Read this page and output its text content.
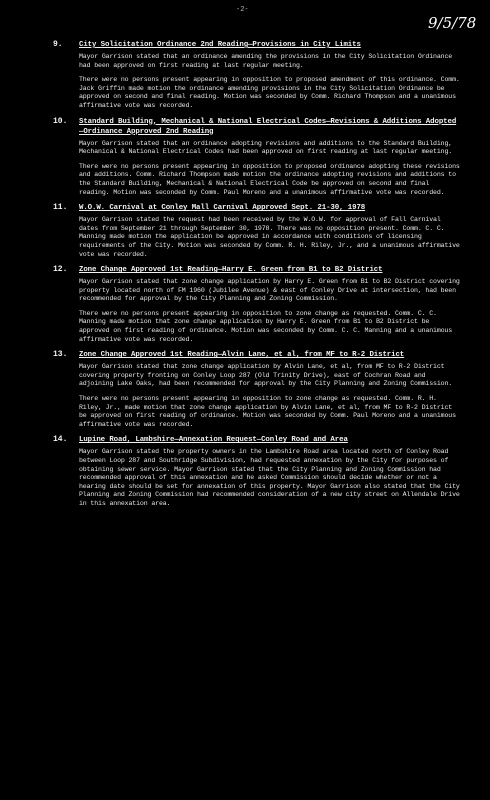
-2-
9/5/78
9. City Solicitation Ordinance 2nd Reading—Provisions in City Limits

Mayor Garrison stated that an ordinance amending the provisions in the City Solicitation Ordinance had been approved on first reading at last regular meeting.

There were no persons present appearing in opposition to proposed amendment of this ordinance. Comm. Jack Griffin made motion the ordinance amending provisions in the City Solicitation Ordinance be approved on second and final reading. Motion was seconded by Comm. Richard Thompson and a unanimous affirmative vote was recorded.

10. Standard Building, Mechanical & National Electrical Codes—Revisions & Additions Adopted—Ordinance Approved 2nd Reading

Mayor Garrison stated that an ordinance adopting revisions and additions to the Standard Building, Mechanical & National Electrical Codes had been approved on first reading at last regular meeting.

There were no persons present appearing in opposition to proposed ordinance adopting these revisions and additions. Comm. Richard Thompson made motion the ordinance adopting revisions and additions to the Standard Building, Mechanical & National Electrical Code be approved on second and final reading. Motion was seconded by Comm. Paul Moreno and a unanimous affirmative vote was recorded.

11. W.O.W. Carnival at Conley Mall Carnival Approved Sept. 21-30, 1978

Mayor Garrison stated the request had been received by the W.O.W. for approval of Fall Carnival dates from September 21 through September 30, 1978. There was no opposition present. Comm. C. C. Manning made motion the application be approved in accordance with conditions of licensing requirements of the City. Motion was seconded by Comm. R. H. Riley, Jr., and a unanimous affirmative vote was recorded.

12. Zone Change Approved 1st Reading—Harry E. Green from B1 to B2 District

Mayor Garrison stated that zone change application by Harry E. Green from B1 to B2 District covering property located north of FM 1960 (Jubilee Avenue) & east of Conley Drive at intersection, had been recommended for approval by the City Planning and Zoning Commission.

There were no persons present appearing in opposition to zone change as requested. Comm. C. C. Manning made motion that zone change application by Harry E. Green from B1 to B2 District be approved on first reading of ordinance. Motion was seconded by Comm. C. C. Manning and a unanimous affirmative vote was recorded.

13. Zone Change Approved 1st Reading—Alvin Lane, et al, from MF to R-2 District

Mayor Garrison stated that zone change application by Alvin Lane, et al, from MF to R-2 District covering property fronting on Conley Loop 287 (Old Trinity Drive), east of Cochran Road and adjoining Lake Oaks, had been recommended for approval by the City Planning and Zoning Commission.

There were no persons present appearing in opposition to zone change as requested. Comm. R. H. Riley, Jr., made motion that zone change application by Alvin Lane, et al, from MF to R-2 District be approved on first reading of ordinance. Motion was seconded by Comm. Paul Moreno and a unanimous affirmative vote was recorded.

14. Lupine Road, Lambshire—Annexation Request—Conley Road and Area

Mayor Garrison stated the property owners in the Lambshire Road area located north of Conley Road between Loop 287 and Southridge Subdivision, had requested annexation by the City for purposes of obtaining sewer service. Mayor Garrison stated that the City Planning and Zoning Commission had recommended approval of this annexation and he asked Commission should decide whether or not a hearing date should be set for annexation of this property. Mayor Garrison also stated that the City Planning and Zoning Commission had recommended consideration of a new city street on Allendale Drive in this annexation area.
